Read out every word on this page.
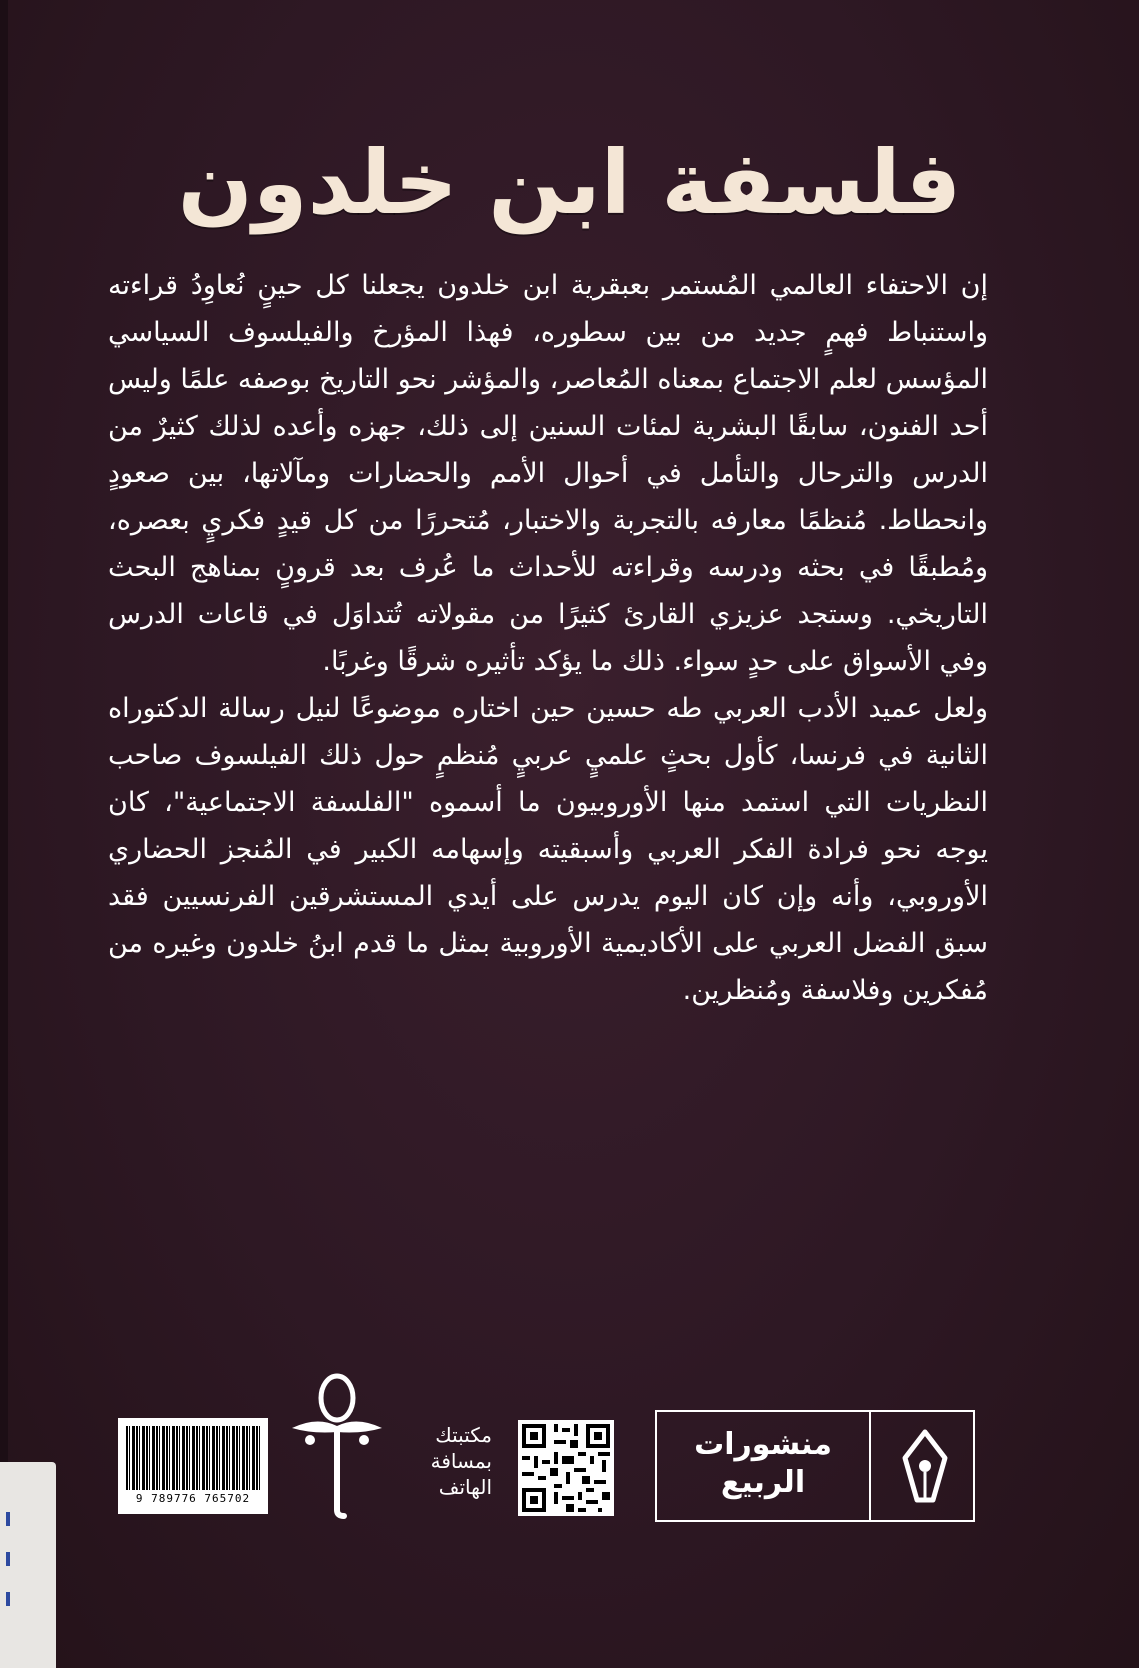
فلسفة ابن خلدون

إن الاحتفاء العالمي المُستمر بعبقرية ابن خلدون يجعلنا كل حينٍ نُعاوِدُ قراءته واستنباط فهمٍ جديد من بين سطوره، فهذا المؤرخ والفيلسوف السياسي المؤسس لعلم الاجتماع بمعناه المُعاصر، والمؤشر نحو التاريخ بوصفه علمًا وليس أحد الفنون، سابقًا البشرية لمئات السنين إلى ذلك، جهزه وأعده لذلك كثيرٌ من الدرس والترحال والتأمل في أحوال الأمم والحضارات ومآلاتها، بين صعودٍ وانحطاط. مُنظمًا معارفه بالتجربة والاختبار، مُتحررًا من كل قيدٍ فكريٍ بعصره، ومُطبقًا في بحثه ودرسه وقراءته للأحداث ما عُرف بعد قرونٍ بمناهج البحث التاريخي. وستجد عزيزي القارئ كثيرًا من مقولاته تُتداوَل في قاعات الدرس وفي الأسواق على حدٍ سواء. ذلك ما يؤكد تأثيره شرقًا وغربًا.

ولعل عميد الأدب العربي طه حسين حين اختاره موضوعًا لنيل رسالة الدكتوراه الثانية في فرنسا، كأول بحثٍ علميٍ عربيٍ مُنظمٍ حول ذلك الفيلسوف صاحب النظريات التي استمد منها الأوروبيون ما أسموه "الفلسفة الاجتماعية"، كان يوجه نحو فرادة الفكر العربي وأسبقيته وإسهامه الكبير في المُنجز الحضاري الأوروبي، وأنه وإن كان اليوم يدرس على أيدي المستشرقين الفرنسيين فقد سبق الفضل العربي على الأكاديمية الأوروبية بمثل ما قدم ابنُ خلدون وغيره من مُفكرين وفلاسفة ومُنظرين.

9 789776 765702
مكتبتك
بمسافة
الهاتف
منشورات
الربيع
